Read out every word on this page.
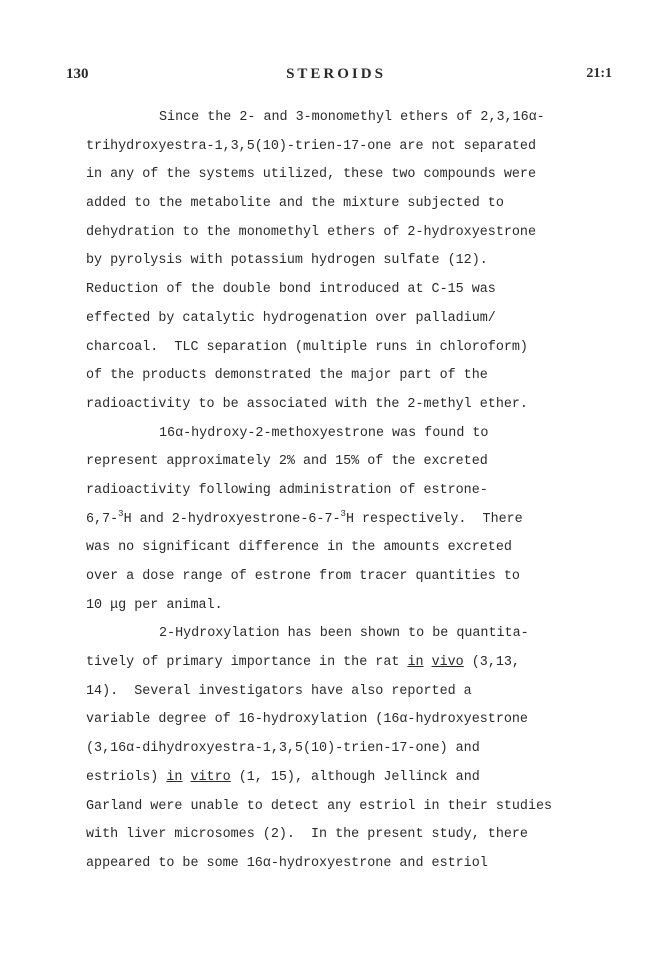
130	STEROIDS	21:1
Since the 2- and 3-monomethyl ethers of 2,3,16α-
trihydroxyestra-1,3,5(10)-trien-17-one are not separated
in any of the systems utilized, these two compounds were
added to the metabolite and the mixture subjected to
dehydration to the monomethyl ethers of 2-hydroxyestrone
by pyrolysis with potassium hydrogen sulfate (12).
Reduction of the double bond introduced at C-15 was
effected by catalytic hydrogenation over palladium/
charcoal.  TLC separation (multiple runs in chloroform)
of the products demonstrated the major part of the
radioactivity to be associated with the 2-methyl ether.
16α-hydroxy-2-methoxyestrone was found to
represent approximately 2% and 15% of the excreted
radioactivity following administration of estrone-
6,7-$^3$H and 2-hydroxyestrone-6-7-$^3$H respectively.  There
was no significant difference in the amounts excreted
over a dose range of estrone from tracer quantities to
10 μg per animal.
2-Hydroxylation has been shown to be quantita-
tively of primary importance in the rat in vivo (3,13,
14).  Several investigators have also reported a
variable degree of 16-hydroxylation (16α-hydroxyestrone
(3,16α-dihydroxyestra-1,3,5(10)-trien-17-one) and
estriols) in vitro (1, 15), although Jellinck and
Garland were unable to detect any estriol in their studies
with liver microsomes (2).  In the present study, there
appeared to be some 16α-hydroxyestrone and estriol
